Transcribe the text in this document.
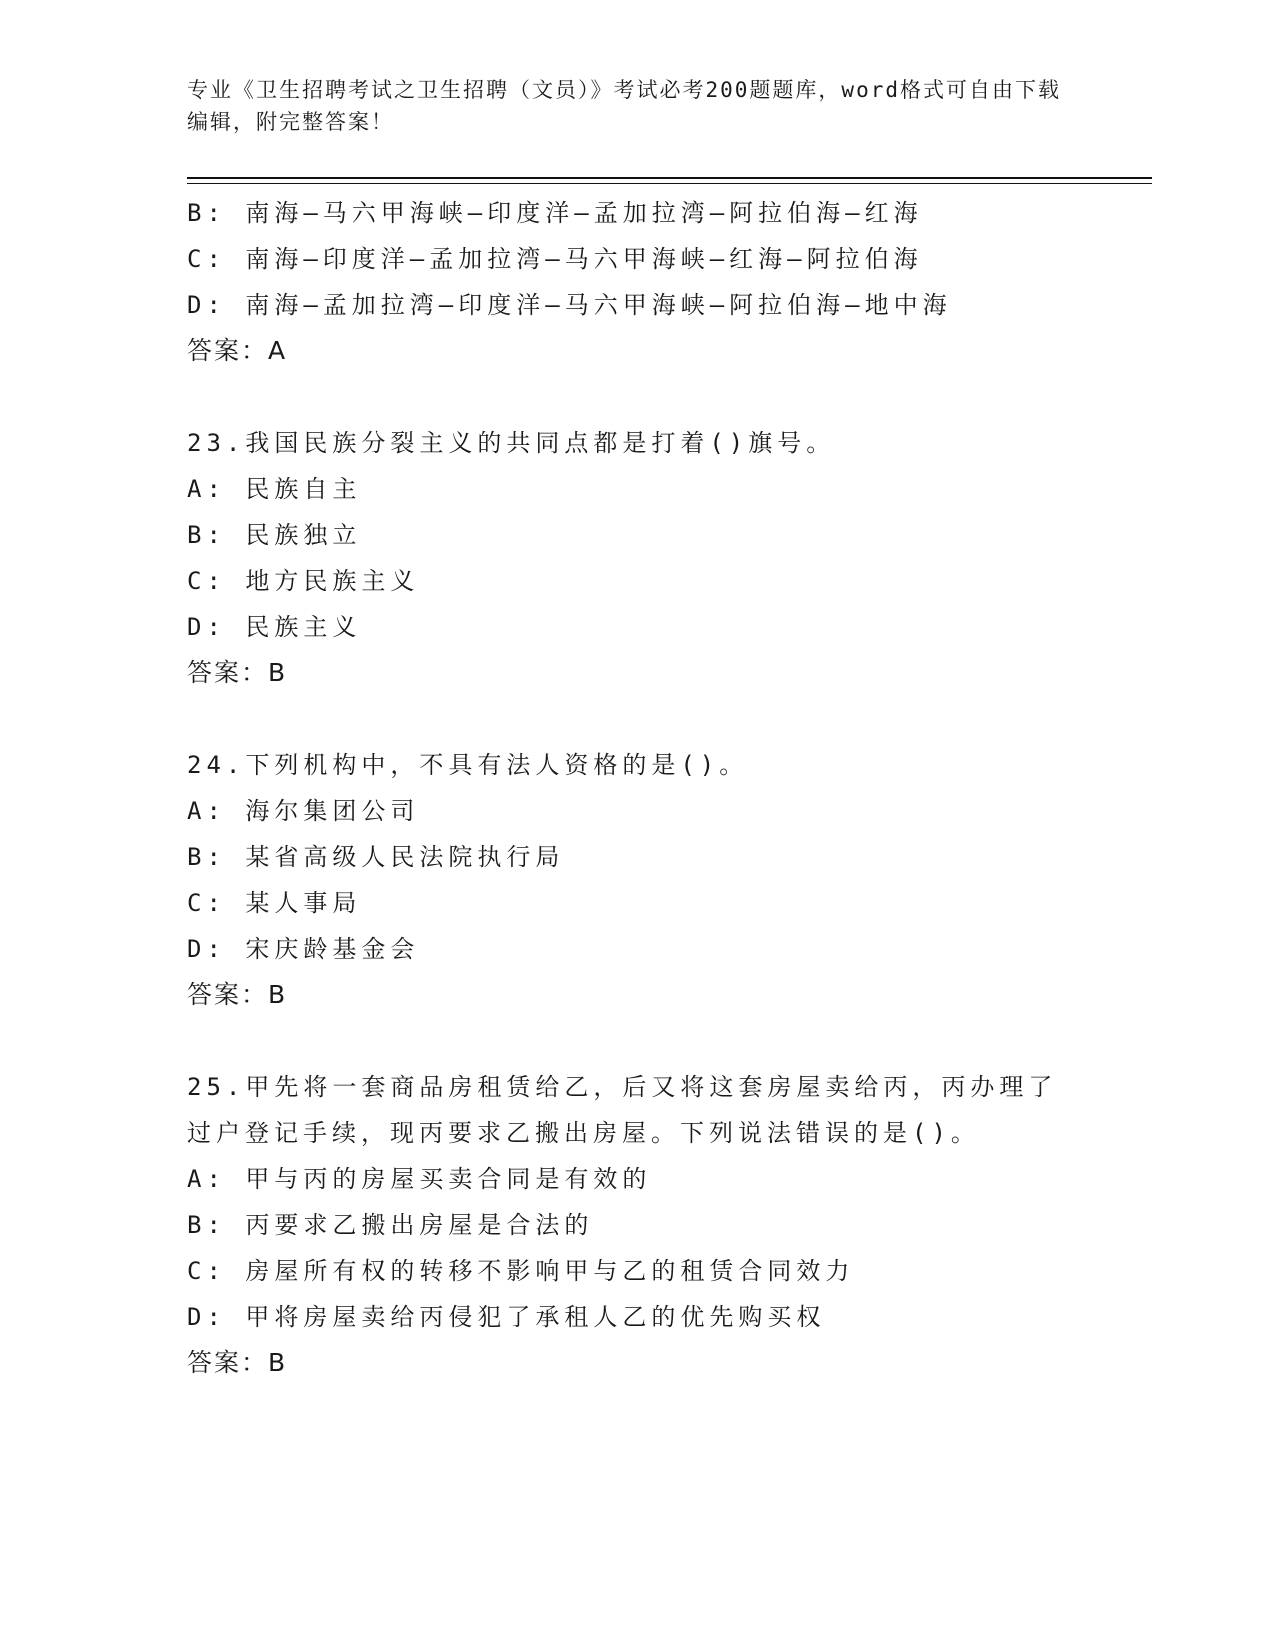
专业《卫生招聘考试之卫生招聘（文员）》考试必考200题题库，word格式可自由下载编辑，附完整答案！
B: 南海—马六甲海峡—印度洋—孟加拉湾—阿拉伯海—红海
C: 南海—印度洋—孟加拉湾—马六甲海峡—红海—阿拉伯海
D: 南海—孟加拉湾—印度洋—马六甲海峡—阿拉伯海—地中海
答案：A
23.我国民族分裂主义的共同点都是打着()旗号。
A: 民族自主
B: 民族独立
C: 地方民族主义
D: 民族主义
答案：B
24.下列机构中，不具有法人资格的是()。
A: 海尔集团公司
B: 某省高级人民法院执行局
C: 某人事局
D: 宋庆龄基金会
答案：B
25.甲先将一套商品房租赁给乙，后又将这套房屋卖给丙，丙办理了过户登记手续，现丙要求乙搬出房屋。下列说法错误的是()。
A: 甲与丙的房屋买卖合同是有效的
B: 丙要求乙搬出房屋是合法的
C: 房屋所有权的转移不影响甲与乙的租赁合同效力
D: 甲将房屋卖给丙侵犯了承租人乙的优先购买权
答案：B
